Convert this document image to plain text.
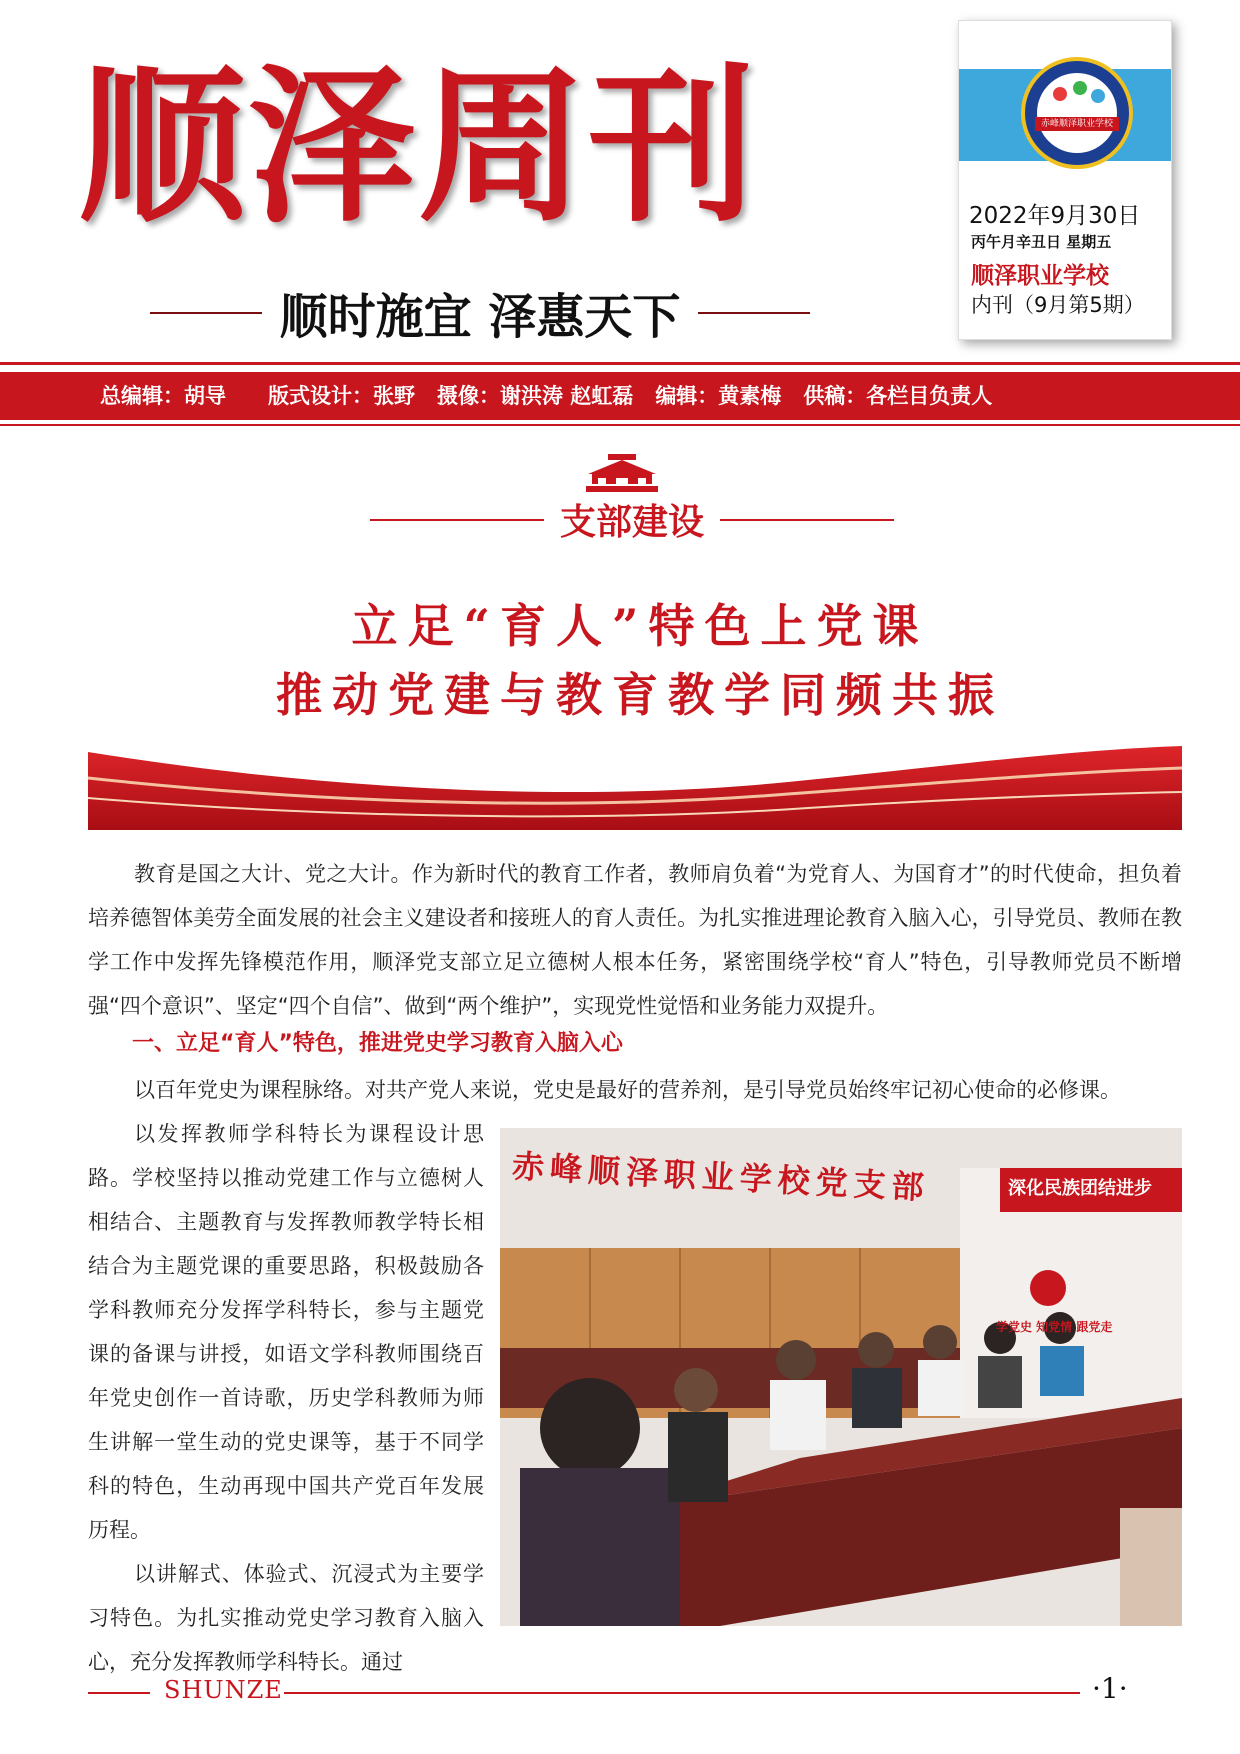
顺泽周刊
顺时施宜 泽惠天下
赤峰顺泽职业学校
2022年9月30日
丙午月辛丑日 星期五
顺泽职业学校
内刊（9月第5期）
总编辑：胡导 版式设计：张野 摄像：谢洪涛 赵虹磊 编辑：黄素梅 供稿：各栏目负责人
支部建设
立足“育人”特色上党课
推动党建与教育教学同频共振
教育是国之大计、党之大计。作为新时代的教育工作者，教师肩负着“为党育人、为国育才”的时代使命，担负着培养德智体美劳全面发展的社会主义建设者和接班人的育人责任。为扎实推进理论教育入脑入心，引导党员、教师在教学工作中发挥先锋模范作用，顺泽党支部立足立德树人根本任务，紧密围绕学校“育人”特色，引导教师党员不断增强“四个意识”、坚定“四个自信”、做到“两个维护”，实现党性觉悟和业务能力双提升。
一、立足“育人”特色，推进党史学习教育入脑入心
以百年党史为课程脉络。对共产党人来说，党史是最好的营养剂，是引导党员始终牢记初心使命的必修课。

以发挥教师学科特长为课程设计思路。学校坚持以推动党建工作与立德树人相结合、主题教育与发挥教师教学特长相结合为主题党课的重要思路，积极鼓励各学科教师充分发挥学科特长，参与主题党课的备课与讲授，如语文学科教师围绕百年党史创作一首诗歌，历史学科教师为师生讲解一堂生动的党史课等，基于不同学科的特色，生动再现中国共产党百年发展历程。

以讲解式、体验式、沉浸式为主要学习特色。为扎实推动党史学习教育入脑入心，充分发挥教师学科特长。通过

赤峰顺泽职业学校党支部	深化民族团结进步
学党史 知党情 跟党走
SHUNZE	·1·
